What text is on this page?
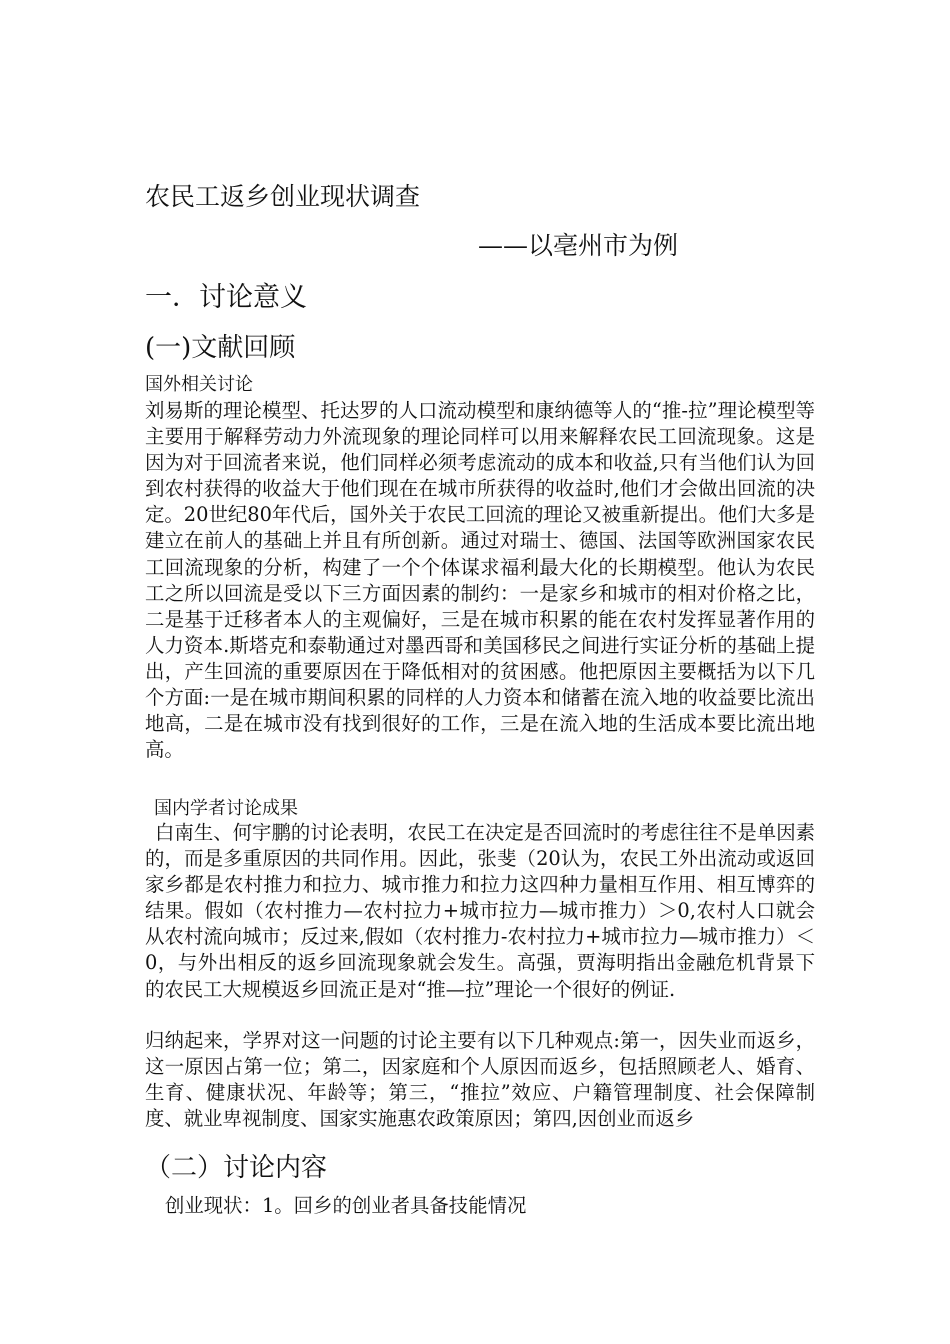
农民工返乡创业现状调查
——以亳州市为例
一．讨论意义
(一)文献回顾
国外相关讨论

刘易斯的理论模型、托达罗的人口流动模型和康纳德等人的“推-拉”理论模型等主要用于解释劳动力外流现象的理论同样可以用来解释农民工回流现象。这是因为对于回流者来说，他们同样必须考虑流动的成本和收益,只有当他们认为回到农村获得的收益大于他们现在在城市所获得的收益时,他们才会做出回流的决定。20世纪80年代后，国外关于农民工回流的理论又被重新提出。他们大多是建立在前人的基础上并且有所创新。通过对瑞士、德国、法国等欧洲国家农民工回流现象的分析，构建了一个个体谋求福利最大化的长期模型。他认为农民工之所以回流是受以下三方面因素的制约：一是家乡和城市的相对价格之比，二是基于迁移者本人的主观偏好，三是在城市积累的能在农村发挥显著作用的人力资本.斯塔克和泰勒通过对墨西哥和美国移民之间进行实证分析的基础上提出，产生回流的重要原因在于降低相对的贫困感。他把原因主要概括为以下几个方面:一是在城市期间积累的同样的人力资本和储蓄在流入地的收益要比流出地高，二是在城市没有找到很好的工作，三是在流入地的生活成本要比流出地高。

国内学者讨论成果

白南生、何宇鹏的讨论表明，农民工在决定是否回流时的考虑往往不是单因素的，而是多重原因的共同作用。因此，张斐（20认为，农民工外出流动或返回家乡都是农村推力和拉力、城市推力和拉力这四种力量相互作用、相互博弈的结果。假如（农村推力—农村拉力+城市拉力—城市推力）＞0,农村人口就会从农村流向城市；反过来,假如（农村推力-农村拉力+城市拉力—城市推力）＜0，与外出相反的返乡回流现象就会发生。高强，贾海明指出金融危机背景下的农民工大规模返乡回流正是对“推—拉”理论一个很好的例证.

归纳起来，学界对这一问题的讨论主要有以下几种观点:第一，因失业而返乡，这一原因占第一位；第二，因家庭和个人原因而返乡，包括照顾老人、婚育、生育、健康状况、年龄等；第三，“推拉”效应、户籍管理制度、社会保障制度、就业卑视制度、国家实施惠农政策原因；第四,因创业而返乡

（二）讨论内容
创业现状：1。回乡的创业者具备技能情况
